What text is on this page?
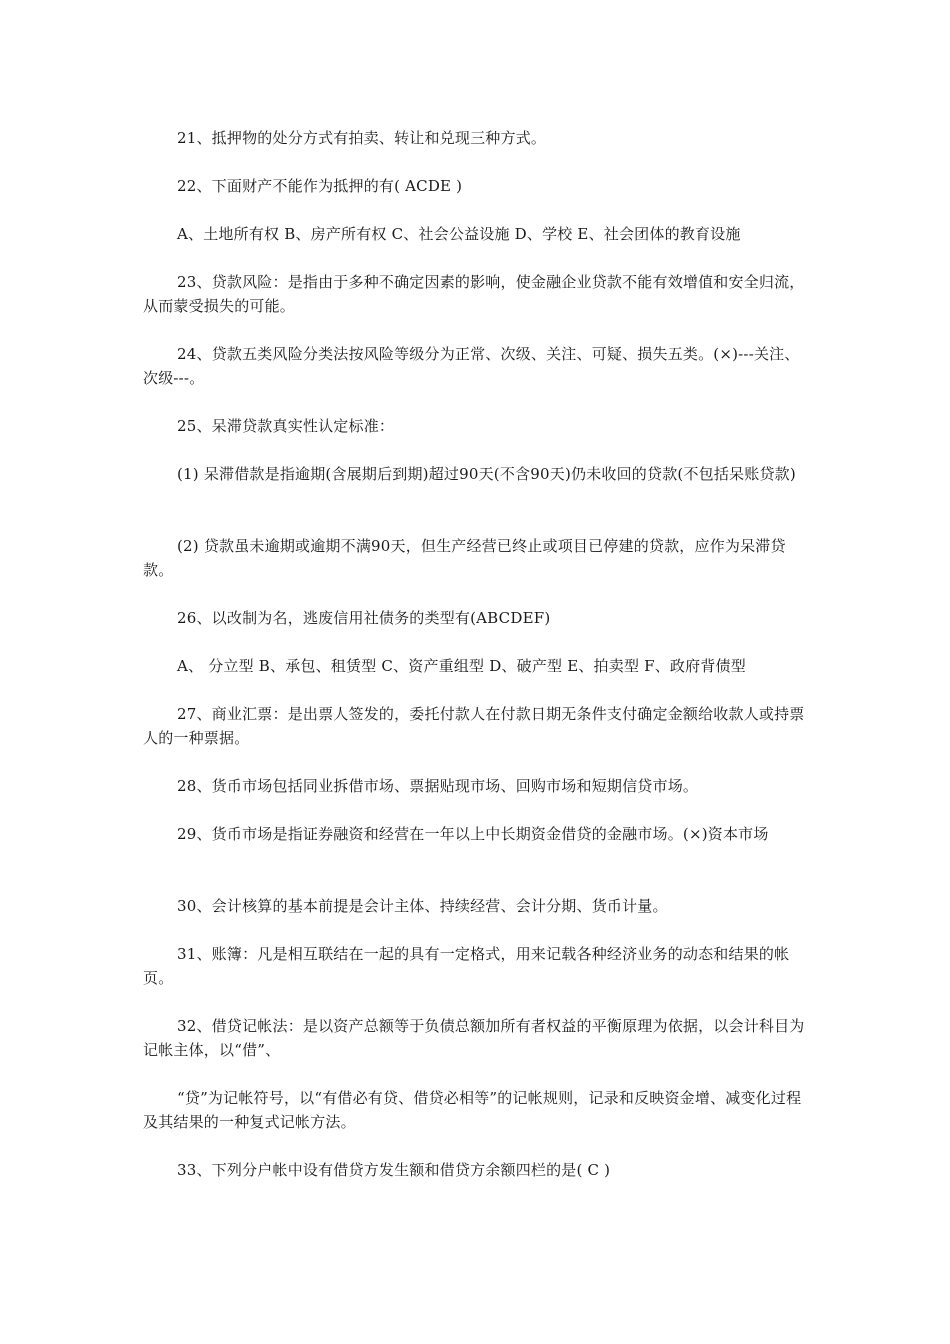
21、抵押物的处分方式有拍卖、转让和兑现三种方式。

22、下面财产不能作为抵押的有( ACDE )

A、土地所有权 B、房产所有权 C、社会公益设施 D、学校 E、社会团体的教育设施

23、贷款风险：是指由于多种不确定因素的影响，使金融企业贷款不能有效增值和安全归流，从而蒙受损失的可能。

24、贷款五类风险分类法按风险等级分为正常、次级、关注、可疑、损失五类。(×)---关注、次级---。

25、呆滞贷款真实性认定标准：

(1) 呆滞借款是指逾期(含展期后到期)超过90天(不含90天)仍未收回的贷款(不包括呆账贷款)

(2) 贷款虽未逾期或逾期不满90天，但生产经营已终止或项目已停建的贷款，应作为呆滞贷款。

26、以改制为名，逃废信用社债务的类型有(ABCDEF)

A、 分立型 B、承包、租赁型 C、资产重组型 D、破产型 E、拍卖型 F、政府背债型

27、商业汇票：是出票人签发的，委托付款人在付款日期无条件支付确定金额给收款人或持票人的一种票据。

28、货币市场包括同业拆借市场、票据贴现市场、回购市场和短期信贷市场。

29、货币市场是指证券融资和经营在一年以上中长期资金借贷的金融市场。(×)资本市场

30、会计核算的基本前提是会计主体、持续经营、会计分期、货币计量。

31、账簿：凡是相互联结在一起的具有一定格式，用来记载各种经济业务的动态和结果的帐页。

32、借贷记帐法：是以资产总额等于负债总额加所有者权益的平衡原理为依据，以会计科目为记帐主体，以“借”、

“贷”为记帐符号，以“有借必有贷、借贷必相等”的记帐规则，记录和反映资金增、减变化过程及其结果的一种复式记帐方法。

33、下列分户帐中设有借贷方发生额和借贷方余额四栏的是( C )
